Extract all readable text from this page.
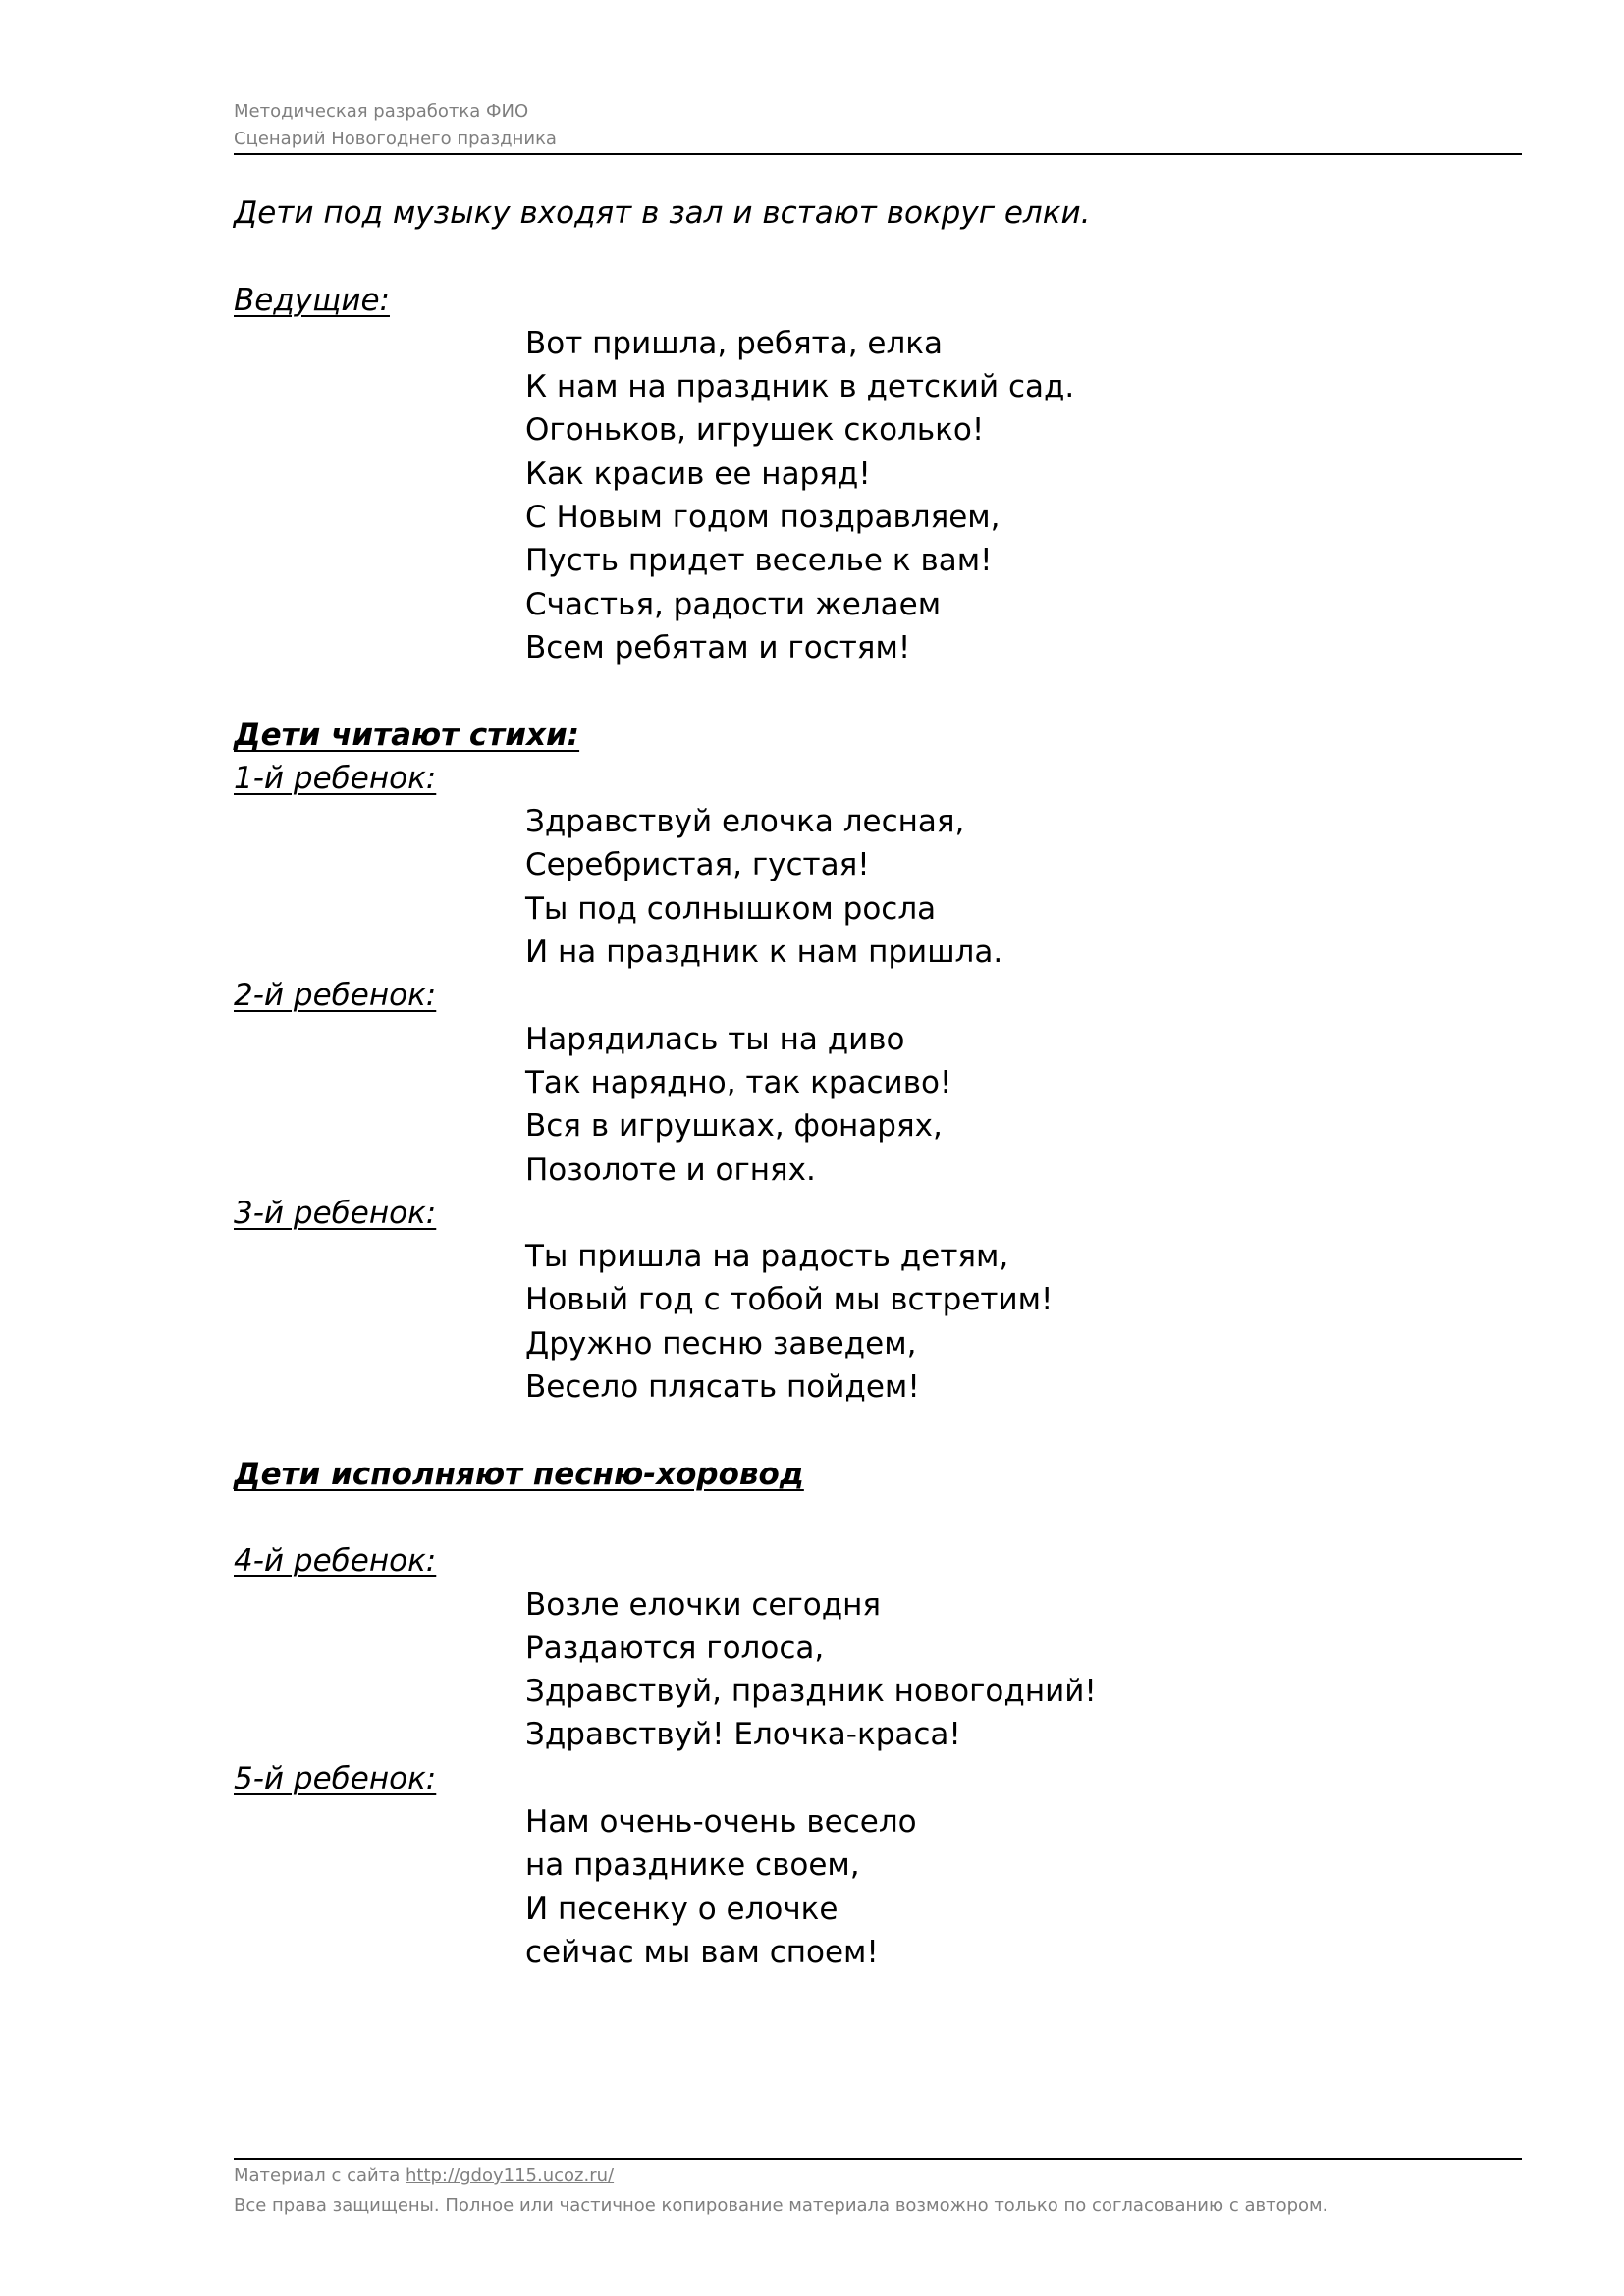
Методическая разработка ФИО
Сценарий Новогоднего праздника
Дети под музыку входят в зал и встают вокруг елки.
Ведущие:
Вот пришла, ребята, елка
К нам на праздник в детский сад.
Огоньков, игрушек сколько!
Как красив ее наряд!
С Новым годом поздравляем,
Пусть придет веселье к вам!
Счастья, радости желаем
Всем ребятам и гостям!
Дети читают стихи:
1-й ребенок:
Здравствуй елочка лесная,
Серебристая, густая!
Ты под солнышком росла
И на праздник к нам пришла.
2-й ребенок:
Нарядилась ты на диво
Так нарядно, так красиво!
Вся в игрушках, фонарях,
Позолоте и огнях.
3-й ребенок:
Ты пришла на радость детям,
Новый год с тобой мы встретим!
Дружно песню заведем,
Весело плясать пойдем!
Дети исполняют песню-хоровод
4-й ребенок:
Возле елочки сегодня
Раздаются голоса,
Здравствуй, праздник новогодний!
Здравствуй! Елочка-краса!
5-й ребенок:
Нам очень-очень весело
на празднике своем,
И песенку о елочке
сейчас мы вам споем!
Материал с сайта http://gdoy115.ucoz.ru/
Все права защищены. Полное или частичное копирование материала возможно только по согласованию с автором.
